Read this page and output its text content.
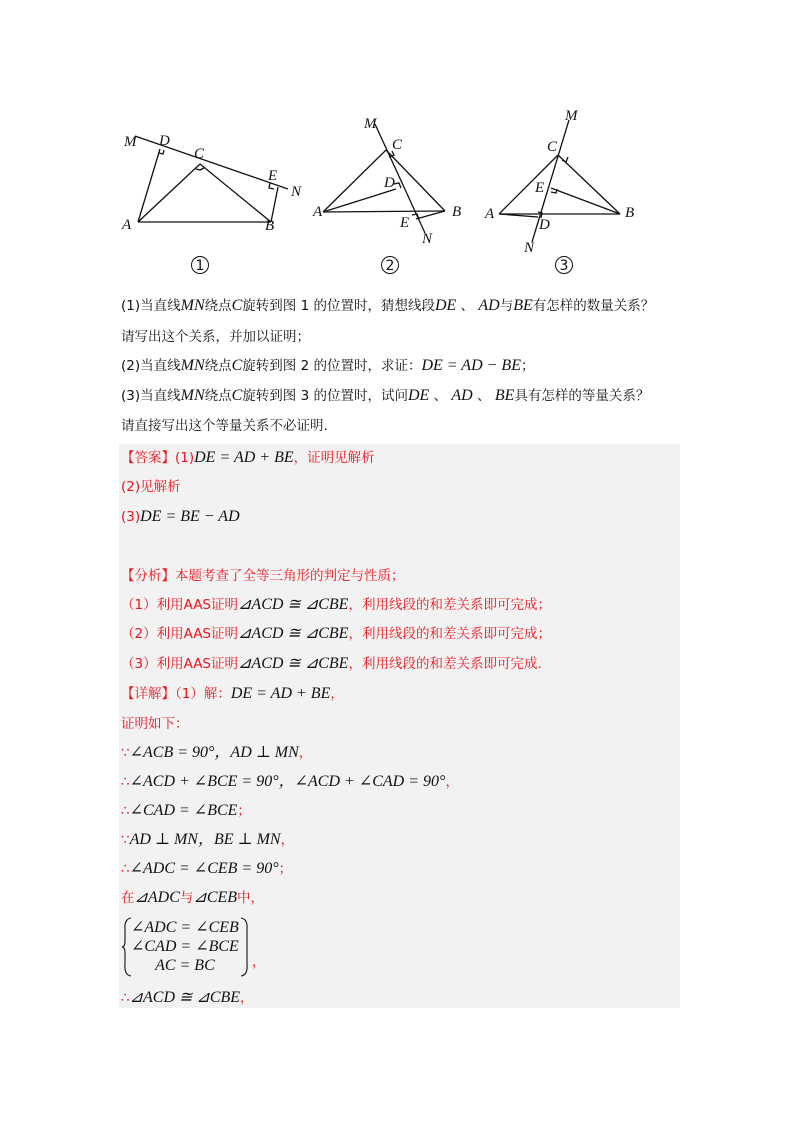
M D
C
E
N
A	B
M
C
D
A	B
E
N
M
C
E
A	B
D
N
1	2	3
(1)当直线MN绕点C旋转到图 1 的位置时，猜想线段DE 、 AD与BE有怎样的数量关系？
请写出这个关系，并加以证明；
(2)当直线MN绕点C旋转到图 2 的位置时，求证：DE = AD − BE；
(3)当直线MN绕点C旋转到图 3 的位置时，试问DE 、 AD 、 BE具有怎样的等量关系？
请直接写出这个等量关系不必证明.
【答案】(1)DE = AD + BE，证明见解析
(2)见解析
(3)DE = BE − AD
【分析】本题考查了全等三角形的判定与性质；
（1）利用AAS证明⊿ACD ≅ ⊿CBE，利用线段的和差关系即可完成；
（2）利用AAS证明⊿ACD ≅ ⊿CBE，利用线段的和差关系即可完成；
（3）利用AAS证明⊿ACD ≅ ⊿CBE，利用线段的和差关系即可完成.
【详解】（1）解：DE = AD + BE，
证明如下：
∵∠ACB = 90°，AD ⊥ MN，
∴∠ACD + ∠BCE = 90°，∠ACD + ∠CAD = 90°，
∴∠CAD = ∠BCE；
∵AD ⊥ MN，BE ⊥ MN，
∴∠ADC = ∠CEB = 90°；
在⊿ADC与⊿CEB中，
∠ADC = ∠CEB
∠CAD = ∠BCE
AC = BC	，
∴⊿ACD ≅ ⊿CBE，
